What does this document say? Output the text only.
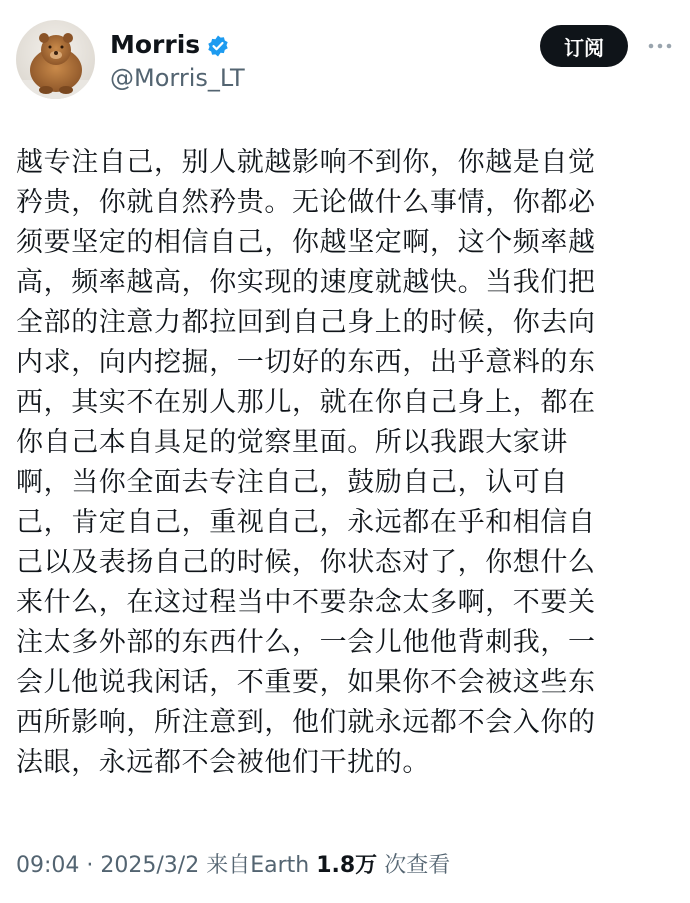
Morris
@Morris_LT
订阅
越专注自己，别人就越影响不到你，你越是自觉
矜贵，你就自然矜贵。无论做什么事情，你都必
须要坚定的相信自己，你越坚定啊，这个频率越
高，频率越高，你实现的速度就越快。当我们把
全部的注意力都拉回到自己身上的时候，你去向
内求，向内挖掘，一切好的东西，出乎意料的东
西，其实不在别人那儿，就在你自己身上，都在
你自己本自具足的觉察里面。所以我跟大家讲
啊，当你全面去专注自己，鼓励自己，认可自
己，肯定自己，重视自己，永远都在乎和相信自
己以及表扬自己的时候，你状态对了，你想什么
来什么，在这过程当中不要杂念太多啊，不要关
注太多外部的东西什么，一会儿他他背刺我，一
会儿他说我闲话，不重要，如果你不会被这些东
西所影响，所注意到，他们就永远都不会入你的
法眼，永远都不会被他们干扰的。
09:04 · 2025/3/2 来自Earth 1.8万 次查看
